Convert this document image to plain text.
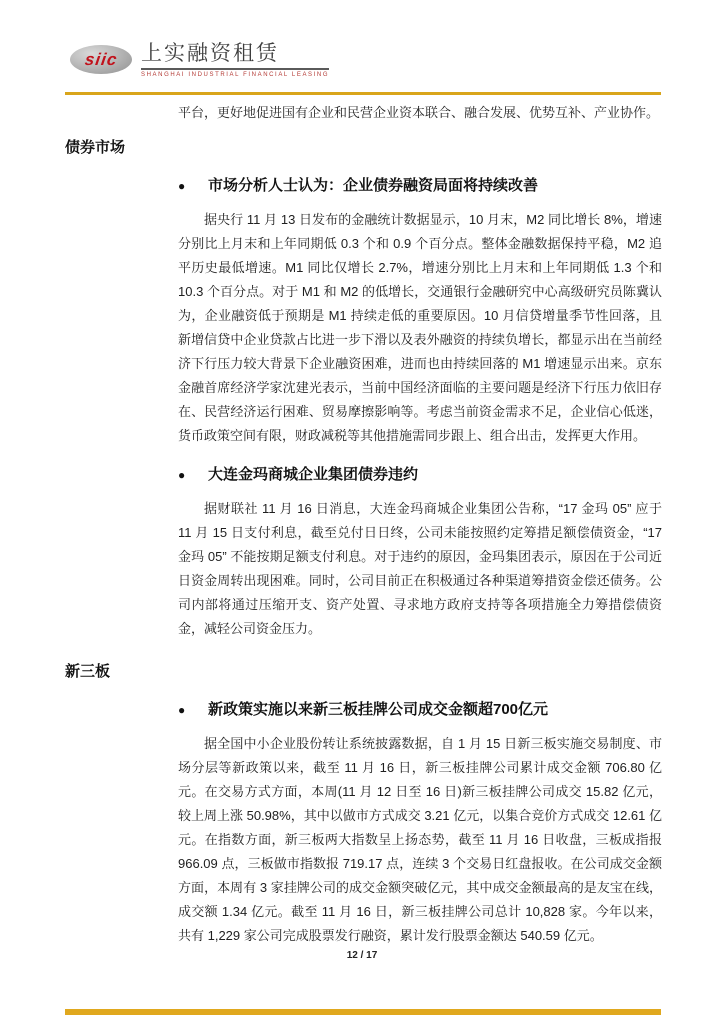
siic 上实融资租赁
SHANGHAI INDUSTRIAL FINANCIAL LEASING

平台，更好地促进国有企业和民营企业资本联合、融合发展、优势互补、产业协作。

债券市场
●	市场分析人士认为：企业债券融资局面将持续改善

据央行 11 月 13 日发布的金融统计数据显示，10 月末，M2 同比增长 8%，增速分别比上月末和上年同期低 0.3 个和 0.9 个百分点。整体金融数据保持平稳，M2 追平历史最低增速。M1 同比仅增长 2.7%，增速分别比上月末和上年同期低 1.3 个和 10.3 个百分点。对于 M1 和 M2 的低增长，交通银行金融研究中心高级研究员陈冀认为，企业融资低于预期是 M1 持续走低的重要原因。10 月信贷增量季节性回落，且新增信贷中企业贷款占比进一步下滑以及表外融资的持续负增长，都显示出在当前经济下行压力较大背景下企业融资困难，进而也由持续回落的 M1 增速显示出来。京东金融首席经济学家沈建光表示，当前中国经济面临的主要问题是经济下行压力依旧存在、民营经济运行困难、贸易摩擦影响等。考虑当前资金需求不足，企业信心低迷，货币政策空间有限，财政减税等其他措施需同步跟上、组合出击，发挥更大作用。

●	大连金玛商城企业集团债券违约

据财联社 11 月 16 日消息，大连金玛商城企业集团公告称，“17 金玛 05” 应于 11 月 15 日支付利息，截至兑付日日终，公司未能按照约定筹措足额偿债资金，“17 金玛 05” 不能按期足额支付利息。对于违约的原因，金玛集团表示，原因在于公司近日资金周转出现困难。同时，公司目前正在积极通过各种渠道筹措资金偿还债务。公司内部将通过压缩开支、资产处置、寻求地方政府支持等各项措施全力筹措偿债资金，减轻公司资金压力。

新三板
●	新政策实施以来新三板挂牌公司成交金额超700亿元

据全国中小企业股份转让系统披露数据，自 1 月 15 日新三板实施交易制度、市场分层等新政策以来，截至 11 月 16 日，新三板挂牌公司累计成交金额 706.80 亿元。在交易方式方面，本周(11 月 12 日至 16 日)新三板挂牌公司成交 15.82 亿元，较上周上涨 50.98%，其中以做市方式成交 3.21 亿元，以集合竞价方式成交 12.61 亿元。在指数方面，新三板两大指数呈上扬态势，截至 11 月 16 日收盘，三板成指报 966.09 点，三板做市指数报 719.17 点，连续 3 个交易日红盘报收。在公司成交金额方面，本周有 3 家挂牌公司的成交金额突破亿元，其中成交金额最高的是友宝在线，成交额 1.34 亿元。截至 11 月 16 日，新三板挂牌公司总计 10,828 家。今年以来，共有 1,229 家公司完成股票发行融资，累计发行股票金额达 540.59 亿元。

12 / 17
